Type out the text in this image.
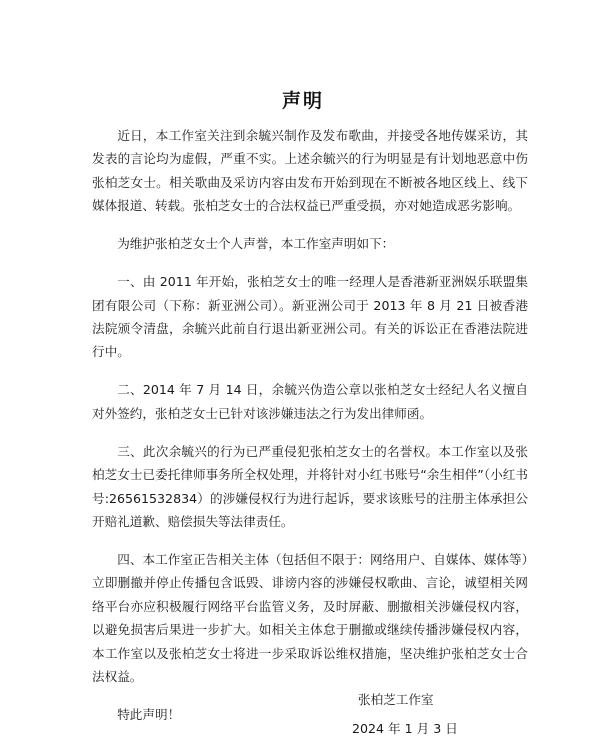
声明

近日，本工作室关注到余毓兴制作及发布歌曲，并接受各地传媒采访，其发表的言论均为虚假，严重不实。上述余毓兴的行为明显是有计划地恶意中伤张柏芝女士。相关歌曲及采访内容由发布开始到现在不断被各地区线上、线下媒体报道、转载。张柏芝女士的合法权益已严重受损，亦对她造成恶劣影响。

为维护张柏芝女士个人声誉，本工作室声明如下：

一、由 2011 年开始，张柏芝女士的唯一经理人是香港新亚洲娱乐联盟集团有限公司（下称：新亚洲公司）。新亚洲公司于 2013 年 8 月 21 日被香港法院颁令清盘，余毓兴此前自行退出新亚洲公司。有关的诉讼正在香港法院进行中。

二、2014 年 7 月 14 日，余毓兴伪造公章以张柏芝女士经纪人名义擅自对外签约，张柏芝女士已针对该涉嫌违法之行为发出律师函。

三、此次余毓兴的行为已严重侵犯张柏芝女士的名誉权。本工作室以及张柏芝女士已委托律师事务所全权处理，并将针对小红书账号“余生相伴”（小红书号:26561532834）的涉嫌侵权行为进行起诉，要求该账号的注册主体承担公开赔礼道歉、赔偿损失等法律责任。

四、本工作室正告相关主体（包括但不限于：网络用户、自媒体、媒体等）立即删撤并停止传播包含诋毁、诽谤内容的涉嫌侵权歌曲、言论，诚望相关网络平台亦应积极履行网络平台监管义务，及时屏蔽、删撤相关涉嫌侵权内容，以避免损害后果进一步扩大。如相关主体怠于删撤或继续传播涉嫌侵权内容，本工作室以及张柏芝女士将进一步采取诉讼维权措施，坚决维护张柏芝女士合法权益。

特此声明！

张柏芝工作室
2024 年 1 月 3 日
